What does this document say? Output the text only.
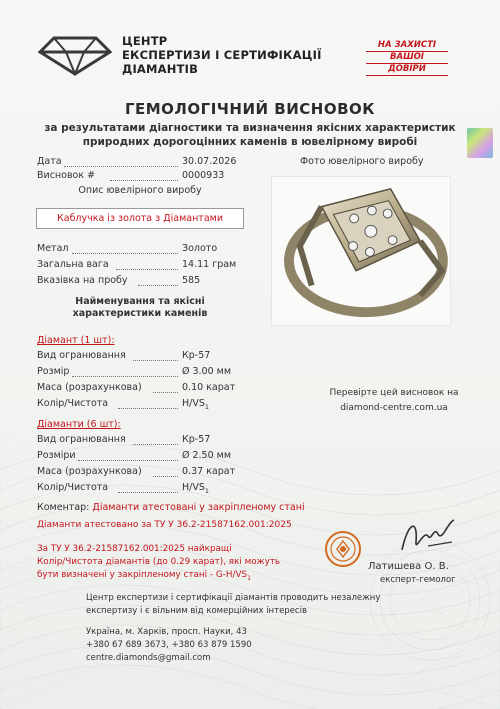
ЦЕНТР
ЕКСПЕРТИЗИ І СЕРТИФІКАЦІЇ
ДІАМАНТІВ
НА ЗАХИСТІ
ВАШОЇ
ДОВІРИ
ГЕМОЛОГІЧНИЙ ВИСНОВОК
за результатами діагностики та визначення якісних характеристик
природних дорогоцінних каменів в ювелірному виробі
Дата	30.07.2026
Висновок #	0000933
Опис ювелірного виробу
Каблучка із золота з Діамантами
Фото ювелірного виробу
Метал	Золото
Загальна вага	14.11 грам
Вказівка на пробу	585
Найменування та якісні
характеристики каменів
Діамант (1 шт):
Вид огранювання	Кр-57
Розмір	Ø 3.00 мм
Маса (розрахункова)	0.10 карат
Колір/Чистота	$H/VS_1$
Діаманти (6 шт):
Вид огранювання	Кр-57
Розміри	Ø 2.50 мм
Маса (розрахункова)	0.37 карат
Колір/Чистота	$H/VS_1$
Перевірте цей висновок на
diamond-centre.com.ua
Коментар: Діаманти атестовані у закріпленому стані
Діаманти атестовано за ТУ У 36.2-21587162.001:2025
За ТУ У 36.2-21587162.001:2025 найкращі
Колір/Чистота діамантів (до 0.29 карат), які можуть
бути визначені у закріпленому стані - $G-H/VS_1$
Латишева О. В.
експерт-гемолог
Центр експертизи і сертифікації діамантів проводить незалежну
експертизу і є вільним від комерційних інтересів
Україна, м. Харків, просп. Науки, 43
+380 67 689 3673, +380 63 879 1590
centre.diamonds@gmail.com
